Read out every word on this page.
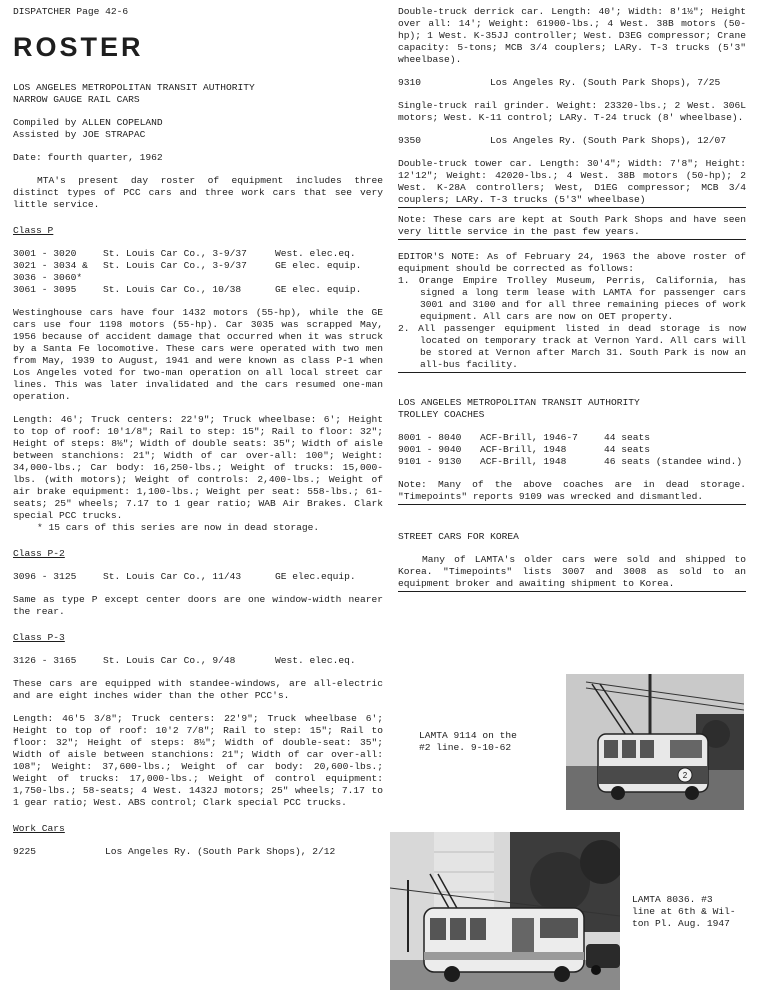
DISPATCHER Page 42-6
ROSTER
LOS ANGELES METROPOLITAN TRANSIT AUTHORITY
NARROW GAUGE RAIL CARS
Compiled by ALLEN COPELAND
Assisted by JOE STRAPAC
Date: fourth quarter, 1962
MTA's present day roster of equipment includes three distinct types of PCC cars and three work cars that see very little service.
Class P
3001 - 3020	St. Louis Car Co., 3-9/37	West. elec.eq.
3021 - 3034 &	St. Louis Car Co., 3-9/37	GE elec. equip.
3036 - 3060*
3061 - 3095	St. Louis Car Co., 10/38	GE elec. equip.
Westinghouse cars have four 1432 motors (55-hp), while the GE cars use four 1198 motors (55-hp). Car 3035 was scrapped May, 1956 because of accident damage that occurred when it was struck by a Santa Fe locomotive. These cars were operated with two men from May, 1939 to August, 1941 and were known as class P-1 when Los Angeles voted for two-man operation on all local street car lines. This was later invalidated and the cars resumed one-man operation.
Length: 46'; Truck centers: 22'9"; Truck wheelbase: 6'; Height to top of roof: 10'1/8"; Rail to step: 15"; Rail to floor: 32"; Height of steps: 8½"; Width of double seats: 35"; Width of aisle between stanchions: 21"; Width of car over-all: 100"; Weight: 34,000-lbs.; Car body: 16,250-lbs.; Weight of trucks: 15,000-lbs. (with motors); Weight of controls: 2,400-lbs.; Weight of air brake equipment: 1,100-lbs.; Weight per seat: 558-lbs.; 61-seats; 25" wheels; 7.17 to 1 gear ratio; WAB Air Brakes. Clark special PCC trucks.
* 15 cars of this series are now in dead storage.
Class P-2
3096 - 3125	St. Louis Car Co., 11/43	GE elec.equip.
Same as type P except center doors are one window-width nearer the rear.
Class P-3
3126 - 3165	St. Louis Car Co., 9/48	West. elec.eq.
These cars are equipped with standee-windows, are all-electric and are eight inches wider than the other PCC's.
Length: 46'5 3/8"; Truck centers: 22'9"; Truck wheelbase 6'; Height to top of roof: 10'2 7/8"; Rail to step: 15"; Rail to floor: 32"; Height of steps: 8½"; Width of double-seat: 35"; Width of aisle between stanchions: 21"; Width of car over-all: 108"; Weight: 37,600-lbs.; Weight of car body: 20,600-lbs.; Weight of trucks: 17,000-lbs.; Weight of control equipment: 1,750-lbs.; 58-seats; 4 West. 1432J motors; 25" wheels; 7.17 to 1 gear ratio; West. ABS control; Clark special PCC trucks.
Work Cars
9225	Los Angeles Ry. (South Park Shops), 2/12
Double-truck derrick car. Length: 40'; Width: 8'1½"; Height over all: 14'; Weight: 61900-lbs.; 4 West. 38B motors (50-hp); 1 West. K-35JJ controller; West. D3EG compressor; Crane capacity: 5-tons; MCB 3/4 couplers; LARy. T-3 trucks (5'3" wheelbase).
9310	Los Angeles Ry. (South Park Shops), 7/25
Single-truck rail grinder. Weight: 23320-lbs.; 2 West. 306L motors; West. K-11 control; LARy. T-24 truck (8' wheelbase).
9350	Los Angeles Ry. (South Park Shops), 12/07
Double-truck tower car. Length: 30'4"; Width: 7'8"; Height: 12'12"; Weight: 42020-lbs.; 4 West. 38B motors (50-hp); 2 West. K-28A controllers; West, D1EG compressor; MCB 3/4 couplers; LARy. T-3 trucks (5'3" wheelbase)
Note: These cars are kept at South Park Shops and have seen very little service in the past few years.
EDITOR'S NOTE: As of February 24, 1963 the above roster of equipment should be corrected as follows:
1. Orange Empire Trolley Museum, Perris, California, has signed a long term lease with LAMTA for passenger cars 3001 and 3100 and for all three remaining pieces of work equipment. All cars are now on OET property.
2. All passenger equipment listed in dead storage is now located on temporary track at Vernon Yard. All cars will be stored at Vernon after March 31. South Park is now an all-bus facility.
LOS ANGELES METROPOLITAN TRANSIT AUTHORITY
TROLLEY COACHES
8001 - 8040	ACF-Brill, 1946-7	44 seats
9001 - 9040	ACF-Brill, 1948	44 seats
9101 - 9130	ACF-Brill, 1948	46 seats (standee wind.)
Note: Many of the above coaches are in dead storage. "Timepoints" reports 9109 was wrecked and dismantled.
STREET CARS FOR KOREA
Many of LAMTA's older cars were sold and shipped to Korea. "Timepoints" lists 3007 and 3008 as sold to an equipment broker and awaiting shipment to Korea.
2
LAMTA 9114 on the
#2 line. 9-10-62
LAMTA 8036. #3
line at 6th & Wil-
ton Pl. Aug. 1947
